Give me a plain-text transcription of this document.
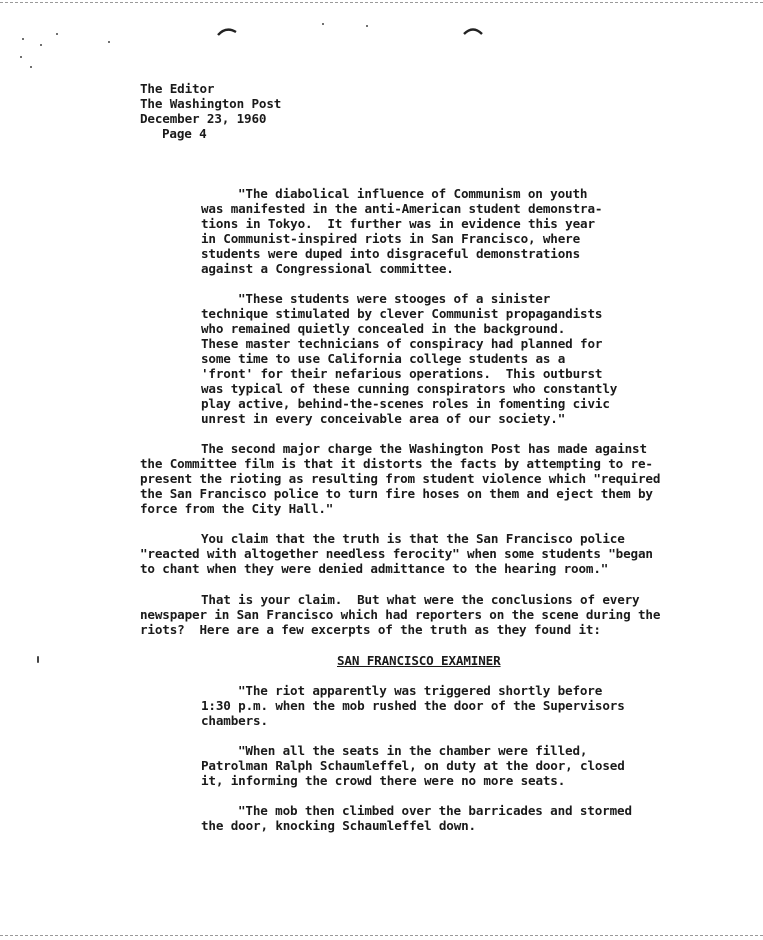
The Editor
The Washington Post
December 23, 1960
Page 4
"The diabolical influence of Communism on youth
was manifested in the anti-American student demonstra-
tions in Tokyo.  It further was in evidence this year
in Communist-inspired riots in San Francisco, where
students were duped into disgraceful demonstrations
against a Congressional committee.
"These students were stooges of a sinister
technique stimulated by clever Communist propagandists
who remained quietly concealed in the background.
These master technicians of conspiracy had planned for
some time to use California college students as a
'front' for their nefarious operations.  This outburst
was typical of these cunning conspirators who constantly
play active, behind-the-scenes roles in fomenting civic
unrest in every conceivable area of our society."
The second major charge the Washington Post has made against
the Committee film is that it distorts the facts by attempting to re-
present the rioting as resulting from student violence which "required
the San Francisco police to turn fire hoses on them and eject them by
force from the City Hall."
You claim that the truth is that the San Francisco police
"reacted with altogether needless ferocity" when some students "began
to chant when they were denied admittance to the hearing room."
That is your claim.  But what were the conclusions of every
newspaper in San Francisco which had reporters on the scene during the
riots?  Here are a few excerpts of the truth as they found it:
SAN FRANCISCO EXAMINER
"The riot apparently was triggered shortly before
1:30 p.m. when the mob rushed the door of the Supervisors
chambers.
"When all the seats in the chamber were filled,
Patrolman Ralph Schaumleffel, on duty at the door, closed
it, informing the crowd there were no more seats.
"The mob then climbed over the barricades and stormed
the door, knocking Schaumleffel down.
